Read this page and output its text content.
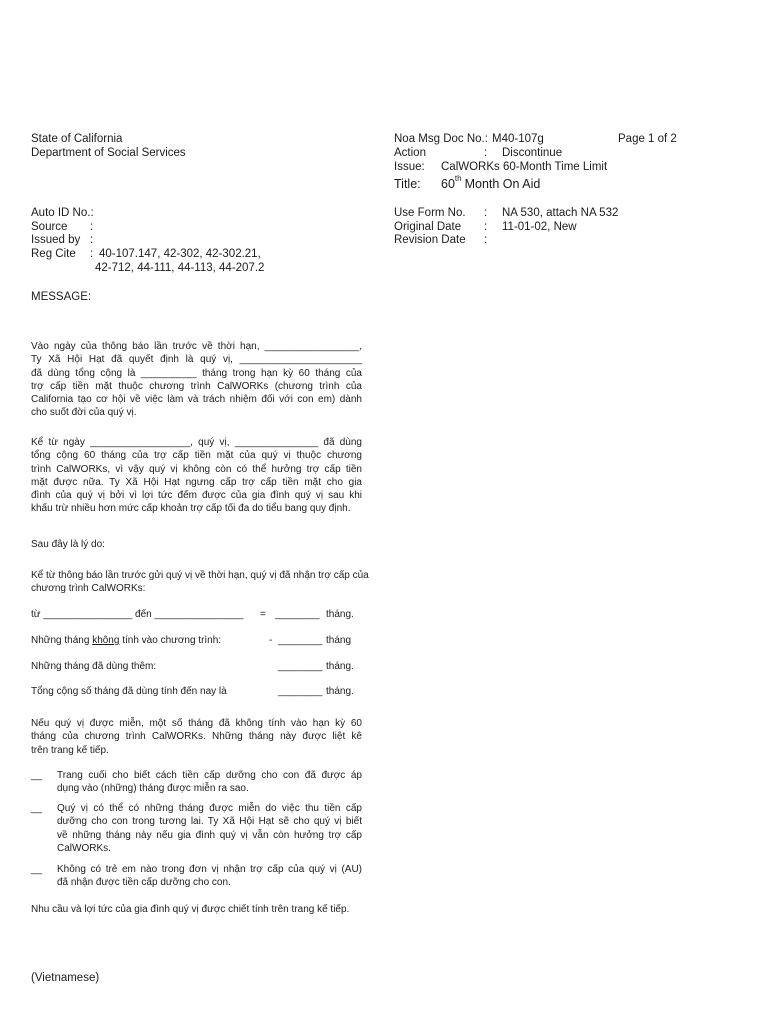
State of California
Department of Social Services
Noa Msg Doc No.: M40-107g	Page 1 of 2
Action	: Discontinue
Issue: CalWORKs 60-Month Time Limit
Title: 60th Month On Aid
Auto ID No.:
Source :
Issued by :
Reg Cite : 40-107.147, 42-302, 42-302.21,
42-712, 44-111, 44-113, 44-207.2
Use Form No. : NA 530, attach NA 532
Original Date : 11-01-02, New
Revision Date :
MESSAGE:
Vào ngày của thông báo lần trước về thời hạn, _________________,
Ty Xã Hội Hạt đã quyết định là quý vị, ______________________
đã dùng tổng cộng là __________ tháng trong hạn kỳ 60 tháng của
trợ cấp tiền mặt thuộc chương trình CalWORKs (chương trình của
California tạo cơ hội về việc làm và trách nhiệm đối với con em) dành
cho suốt đời của quý vị.
Kể từ ngày __________________, quý vị, _______________ đã dùng
tổng cộng 60 tháng của trợ cấp tiền mặt của quý vị thuộc chương
trình CalWORKs, vì vậy quý vị không còn có thể hưởng trợ cấp tiền
mặt được nữa. Ty Xã Hội Hạt ngưng cấp trợ cấp tiền mặt cho gia
đình của quý vị bởi vì lợi tức đếm được của gia đình quý vị sau khi
khấu trừ nhiều hơn mức cấp khoản trợ cấp tối đa do tiểu bang quy định.
Sau đây là lý do:
Kể từ thông báo lần trước gửi quý vị về thời hạn, quý vị đã nhận trợ cấp của
chương trình CalWORKs:
từ ________________ đến ________________ = ________ tháng.
Những tháng không tính vào chương trình:	- ________ tháng
Những tháng đã dùng thêm:	________ tháng.
Tổng cộng số tháng đã dùng tính đến nay là	________ tháng.
Nếu quý vị được miễn, một số tháng đã không tính vào hạn kỳ 60
tháng của chương trình CalWORKs. Những tháng này được liệt kê
trên trang kế tiếp.
__ Trang cuối cho biết cách tiền cấp dưỡng cho con đã được áp
dụng vào (những) tháng được miễn ra sao.
__ Quý vị có thể có những tháng được miễn do việc thu tiền cấp
dưỡng cho con trong tương lai. Ty Xã Hội Hạt sẽ cho quý vị biết
về những tháng này nếu gia đình quý vị vẫn còn hưởng trợ cấp
CalWORKs.
__ Không có trẻ em nào trong đơn vị nhận trợ cấp của quý vị (AU)
đã nhận được tiền cấp dưỡng cho con.
Nhu cầu và lợi tức của gia đình quý vị được chiết tính trên trang kế tiếp.
(Vietnamese)
